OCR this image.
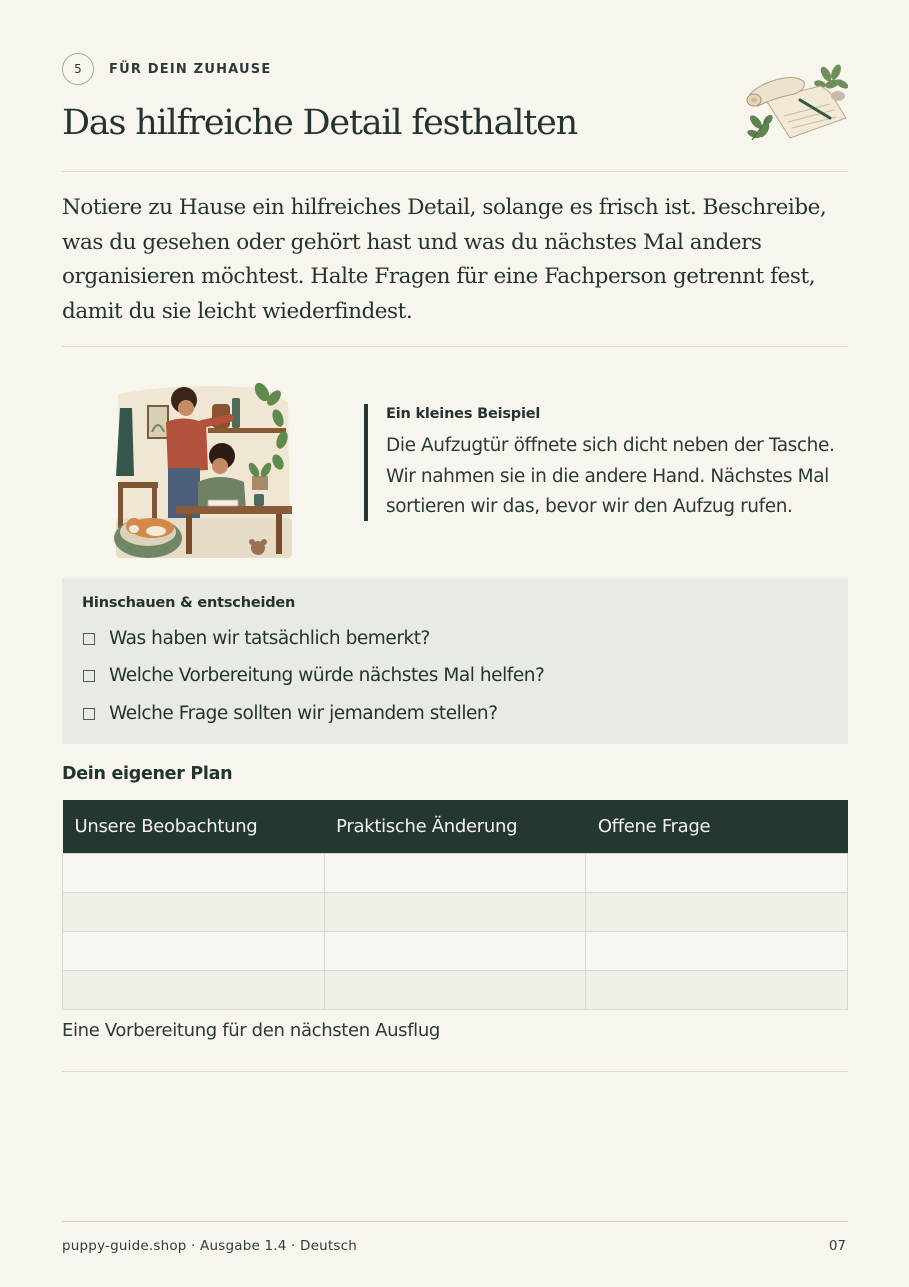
5	FÜR DEIN ZUHAUSE
Das hilfreiche Detail festhalten

Notiere zu Hause ein hilfreiches Detail, solange es frisch ist. Beschreibe, was du gesehen oder gehört hast und was du nächstes Mal anders organisieren möchtest. Halte Fragen für eine Fachperson getrennt fest, damit du sie leicht wiederfindest.

Ein kleines Beispiel

Die Aufzugtür öffnete sich dicht neben der Tasche. Wir nahmen sie in die andere Hand. Nächstes Mal sortieren wir das, bevor wir den Aufzug rufen.

Hinschauen & entscheiden
Was haben wir tatsächlich bemerkt?
Welche Vorbereitung würde nächstes Mal helfen?
Welche Frage sollten wir jemandem stellen?
Dein eigener Plan
Unsere Beobachtung	Praktische Änderung	Offene Frage

Eine Vorbereitung für den nächsten Ausflug
puppy-guide.shop · Ausgabe 1.4 · Deutsch	07
